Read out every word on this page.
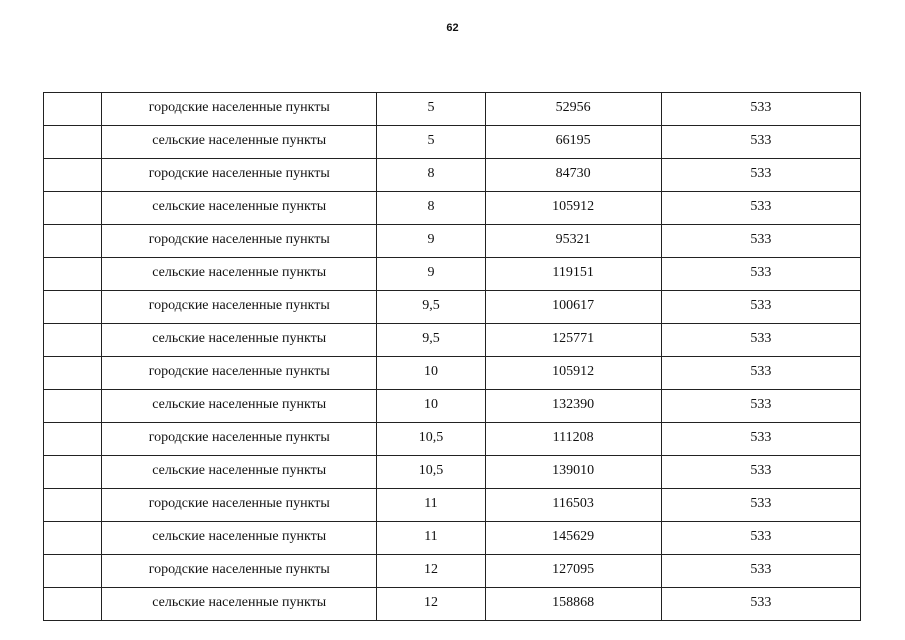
62
	городские населенные пункты	5	52956	533
	сельские населенные пункты	5	66195	533
	городские населенные пункты	8	84730	533
	сельские населенные пункты	8	105912	533
	городские населенные пункты	9	95321	533
	сельские населенные пункты	9	119151	533
	городские населенные пункты	9,5	100617	533
	сельские населенные пункты	9,5	125771	533
	городские населенные пункты	10	105912	533
	сельские населенные пункты	10	132390	533
	городские населенные пункты	10,5	111208	533
	сельские населенные пункты	10,5	139010	533
	городские населенные пункты	11	116503	533
	сельские населенные пункты	11	145629	533
	городские населенные пункты	12	127095	533
	сельские населенные пункты	12	158868	533
